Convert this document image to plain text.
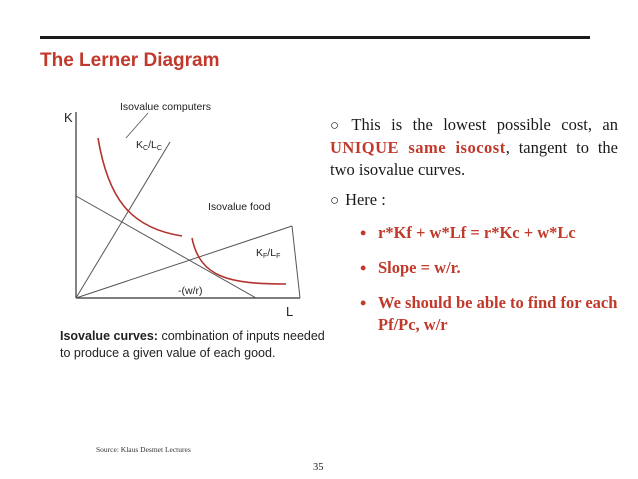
The Lerner Diagram
K
L
Isovalue computers
KC/LC
Isovalue food
KF/LF
-(w/r)
Isovalue curves: combination of inputs needed to produce a given value of each good.
○ This is the lowest possible cost, an UNIQUE same isocost, tangent to the two isovalue curves.
○ Here :
• r*Kf + w*Lf = r*Kc + w*Lc
• Slope = w/r.
• We should be able to find for each Pf/Pc, w/r
Source: Klaus Desmet Lectures
35
